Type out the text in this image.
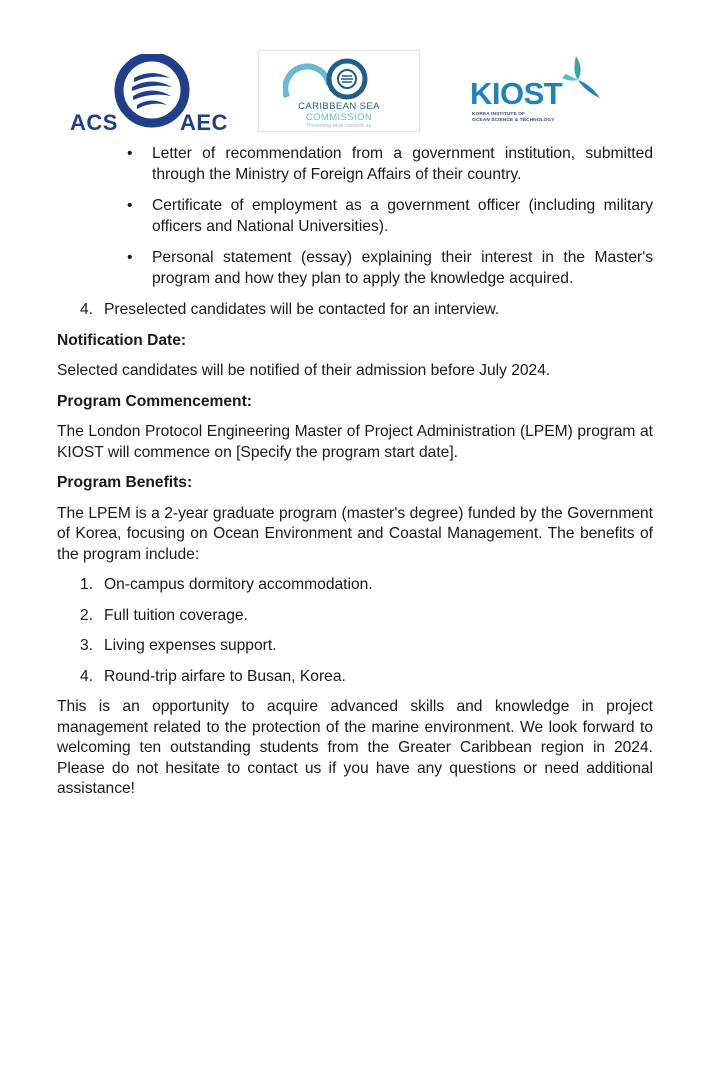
ACS	AEC
CARIBBEAN SEA
COMMISSION
Preserving what connects us
KIOST
KOREA INSTITUTE OF
OCEAN SCIENCE & TECHNOLOGY
• Letter of recommendation from a government institution, submitted through the Ministry of Foreign Affairs of their country.
• Certificate of employment as a government officer (including military officers and National Universities).
• Personal statement (essay) explaining their interest in the Master's program and how they plan to apply the knowledge acquired.
4. Preselected candidates will be contacted for an interview.
Notification Date:
Selected candidates will be notified of their admission before July 2024.
Program Commencement:
The London Protocol Engineering Master of Project Administration (LPEM) program at KIOST will commence on [Specify the program start date].
Program Benefits:
The LPEM is a 2-year graduate program (master's degree) funded by the Government of Korea, focusing on Ocean Environment and Coastal Management. The benefits of the program include:
1. On-campus dormitory accommodation.
2. Full tuition coverage.
3. Living expenses support.
4. Round-trip airfare to Busan, Korea.
This is an opportunity to acquire advanced skills and knowledge in project management related to the protection of the marine environment. We look forward to welcoming ten outstanding students from the Greater Caribbean region in 2024. Please do not hesitate to contact us if you have any questions or need additional assistance!
